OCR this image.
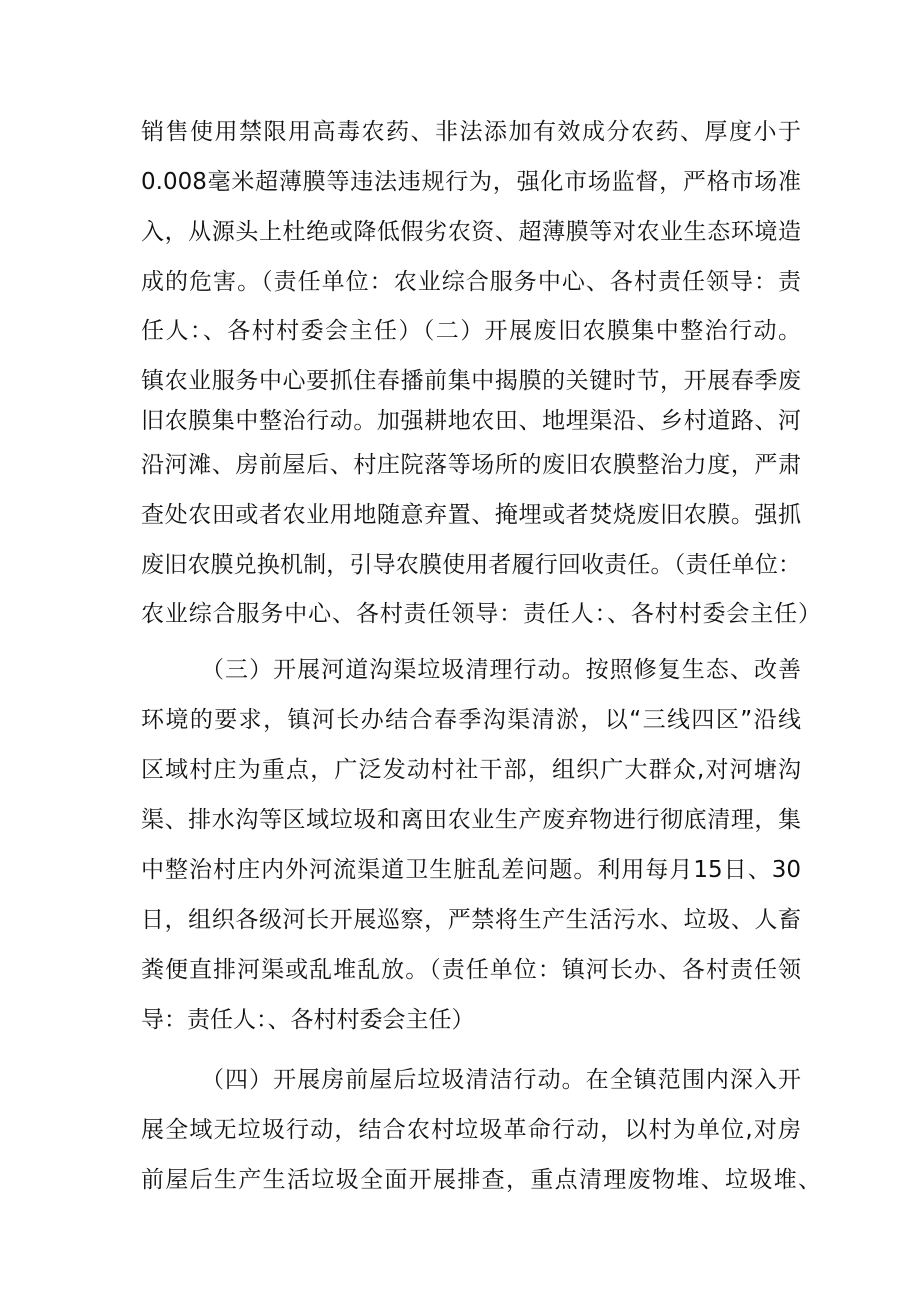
销售使用禁限用高毒农药、非法添加有效成分农药、厚度小于
0.008毫米超薄膜等违法违规行为，强化市场监督，严格市场准
入，从源头上杜绝或降低假劣农资、超薄膜等对农业生态环境造
成的危害。（责任单位：农业综合服务中心、各村责任领导：责
任人：、各村村委会主任）（二）开展废旧农膜集中整治行动。
镇农业服务中心要抓住春播前集中揭膜的关键时节，开展春季废
旧农膜集中整治行动。加强耕地农田、地埋渠沿、乡村道路、河
沿河滩、房前屋后、村庄院落等场所的废旧农膜整治力度，严肃
查处农田或者农业用地随意弃置、掩埋或者焚烧废旧农膜。强抓
废旧农膜兑换机制，引导农膜使用者履行回收责任。（责任单位：
农业综合服务中心、各村责任领导：责任人：、各村村委会主任）
（三）开展河道沟渠垃圾清理行动。按照修复生态、改善
环境的要求，镇河长办结合春季沟渠清淤，以“三线四区”沿线
区域村庄为重点，广泛发动村社干部，组织广大群众,对河塘沟
渠、排水沟等区域垃圾和离田农业生产废弃物进行彻底清理，集
中整治村庄内外河流渠道卫生脏乱差问题。利用每月15日、30
日，组织各级河长开展巡察，严禁将生产生活污水、垃圾、人畜
粪便直排河渠或乱堆乱放。（责任单位：镇河长办、各村责任领
导：责任人：、各村村委会主任）
（四）开展房前屋后垃圾清洁行动。在全镇范围内深入开
展全域无垃圾行动，结合农村垃圾革命行动，以村为单位,对房
前屋后生产生活垃圾全面开展排查，重点清理废物堆、垃圾堆、
